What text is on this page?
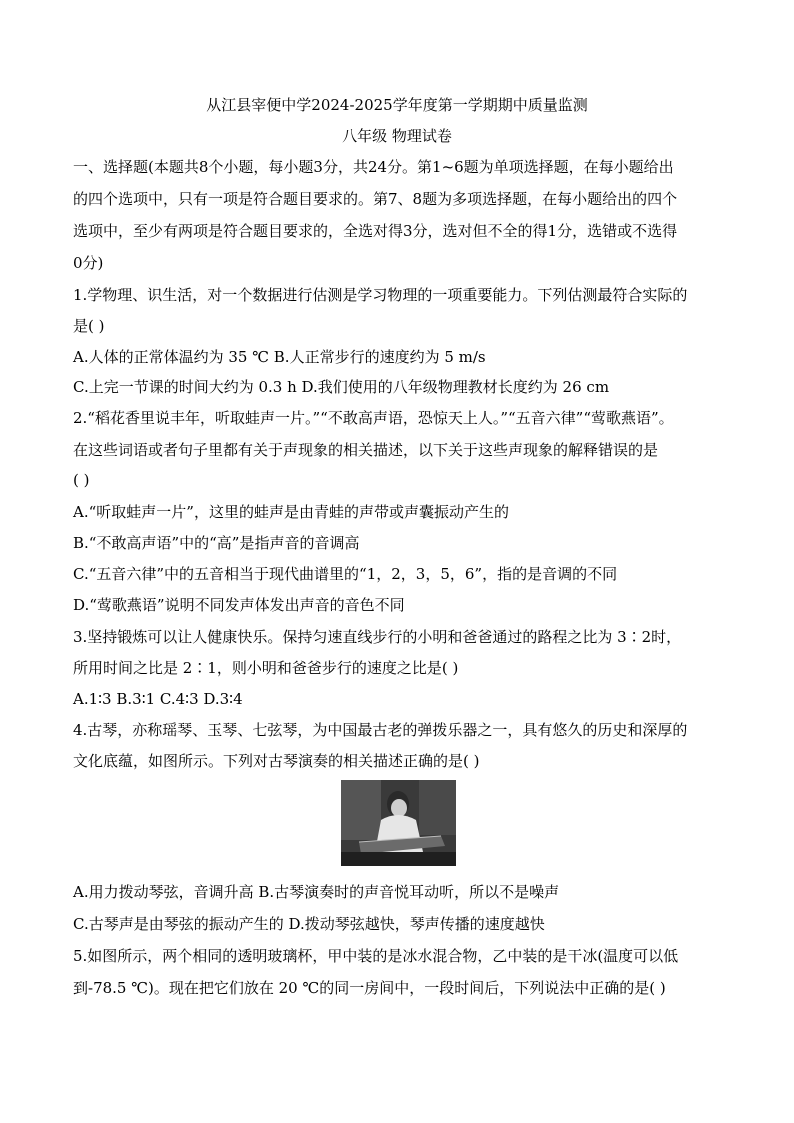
从江县宰便中学2024-2025学年度第一学期期中质量监测
八年级 物理试卷
一、选择题(本题共8个小题，每小题3分，共24分。第1~6题为单项选择题，在每小题给出
的四个选项中，只有一项是符合题目要求的。第7、8题为多项选择题，在每小题给出的四个
选项中，至少有两项是符合题目要求的，全选对得3分，选对但不全的得1分，选错或不选得
0分)
1.学物理、识生活，对一个数据进行估测是学习物理的一项重要能力。下列估测最符合实际的
是( )
A.人体的正常体温约为 35 ℃ B.人正常步行的速度约为 5 m/s
C.上完一节课的时间大约为 0.3 h D.我们使用的八年级物理教材长度约为 26 cm
2.“稻花香里说丰年，听取蛙声一片。”“不敢高声语，恐惊天上人。”“五音六律”“莺歌燕语”。
在这些词语或者句子里都有关于声现象的相关描述，以下关于这些声现象的解释错误的是
( )
A.“听取蛙声一片”，这里的蛙声是由青蛙的声带或声囊振动产生的
B.“不敢高声语”中的“高”是指声音的音调高
C.“五音六律”中的五音相当于现代曲谱里的“1，2，3，5，6”，指的是音调的不同
D.“莺歌燕语”说明不同发声体发出声音的音色不同
3.坚持锻炼可以让人健康快乐。保持匀速直线步行的小明和爸爸通过的路程之比为 3∶2时，
所用时间之比是 2∶1，则小明和爸爸步行的速度之比是( )
A.1∶3 B.3∶1 C.4∶3 D.3∶4
4.古琴，亦称瑶琴、玉琴、七弦琴，为中国最古老的弹拨乐器之一，具有悠久的历史和深厚的
文化底蕴，如图所示。下列对古琴演奏的相关描述正确的是( )
A.用力拨动琴弦，音调升高 B.古琴演奏时的声音悦耳动听，所以不是噪声
C.古琴声是由琴弦的振动产生的 D.拨动琴弦越快，琴声传播的速度越快
5.如图所示，两个相同的透明玻璃杯，甲中装的是冰水混合物，乙中装的是干冰(温度可以低
到-78.5 ℃)。现在把它们放在 20 ℃的同一房间中，一段时间后，下列说法中正确的是( )
